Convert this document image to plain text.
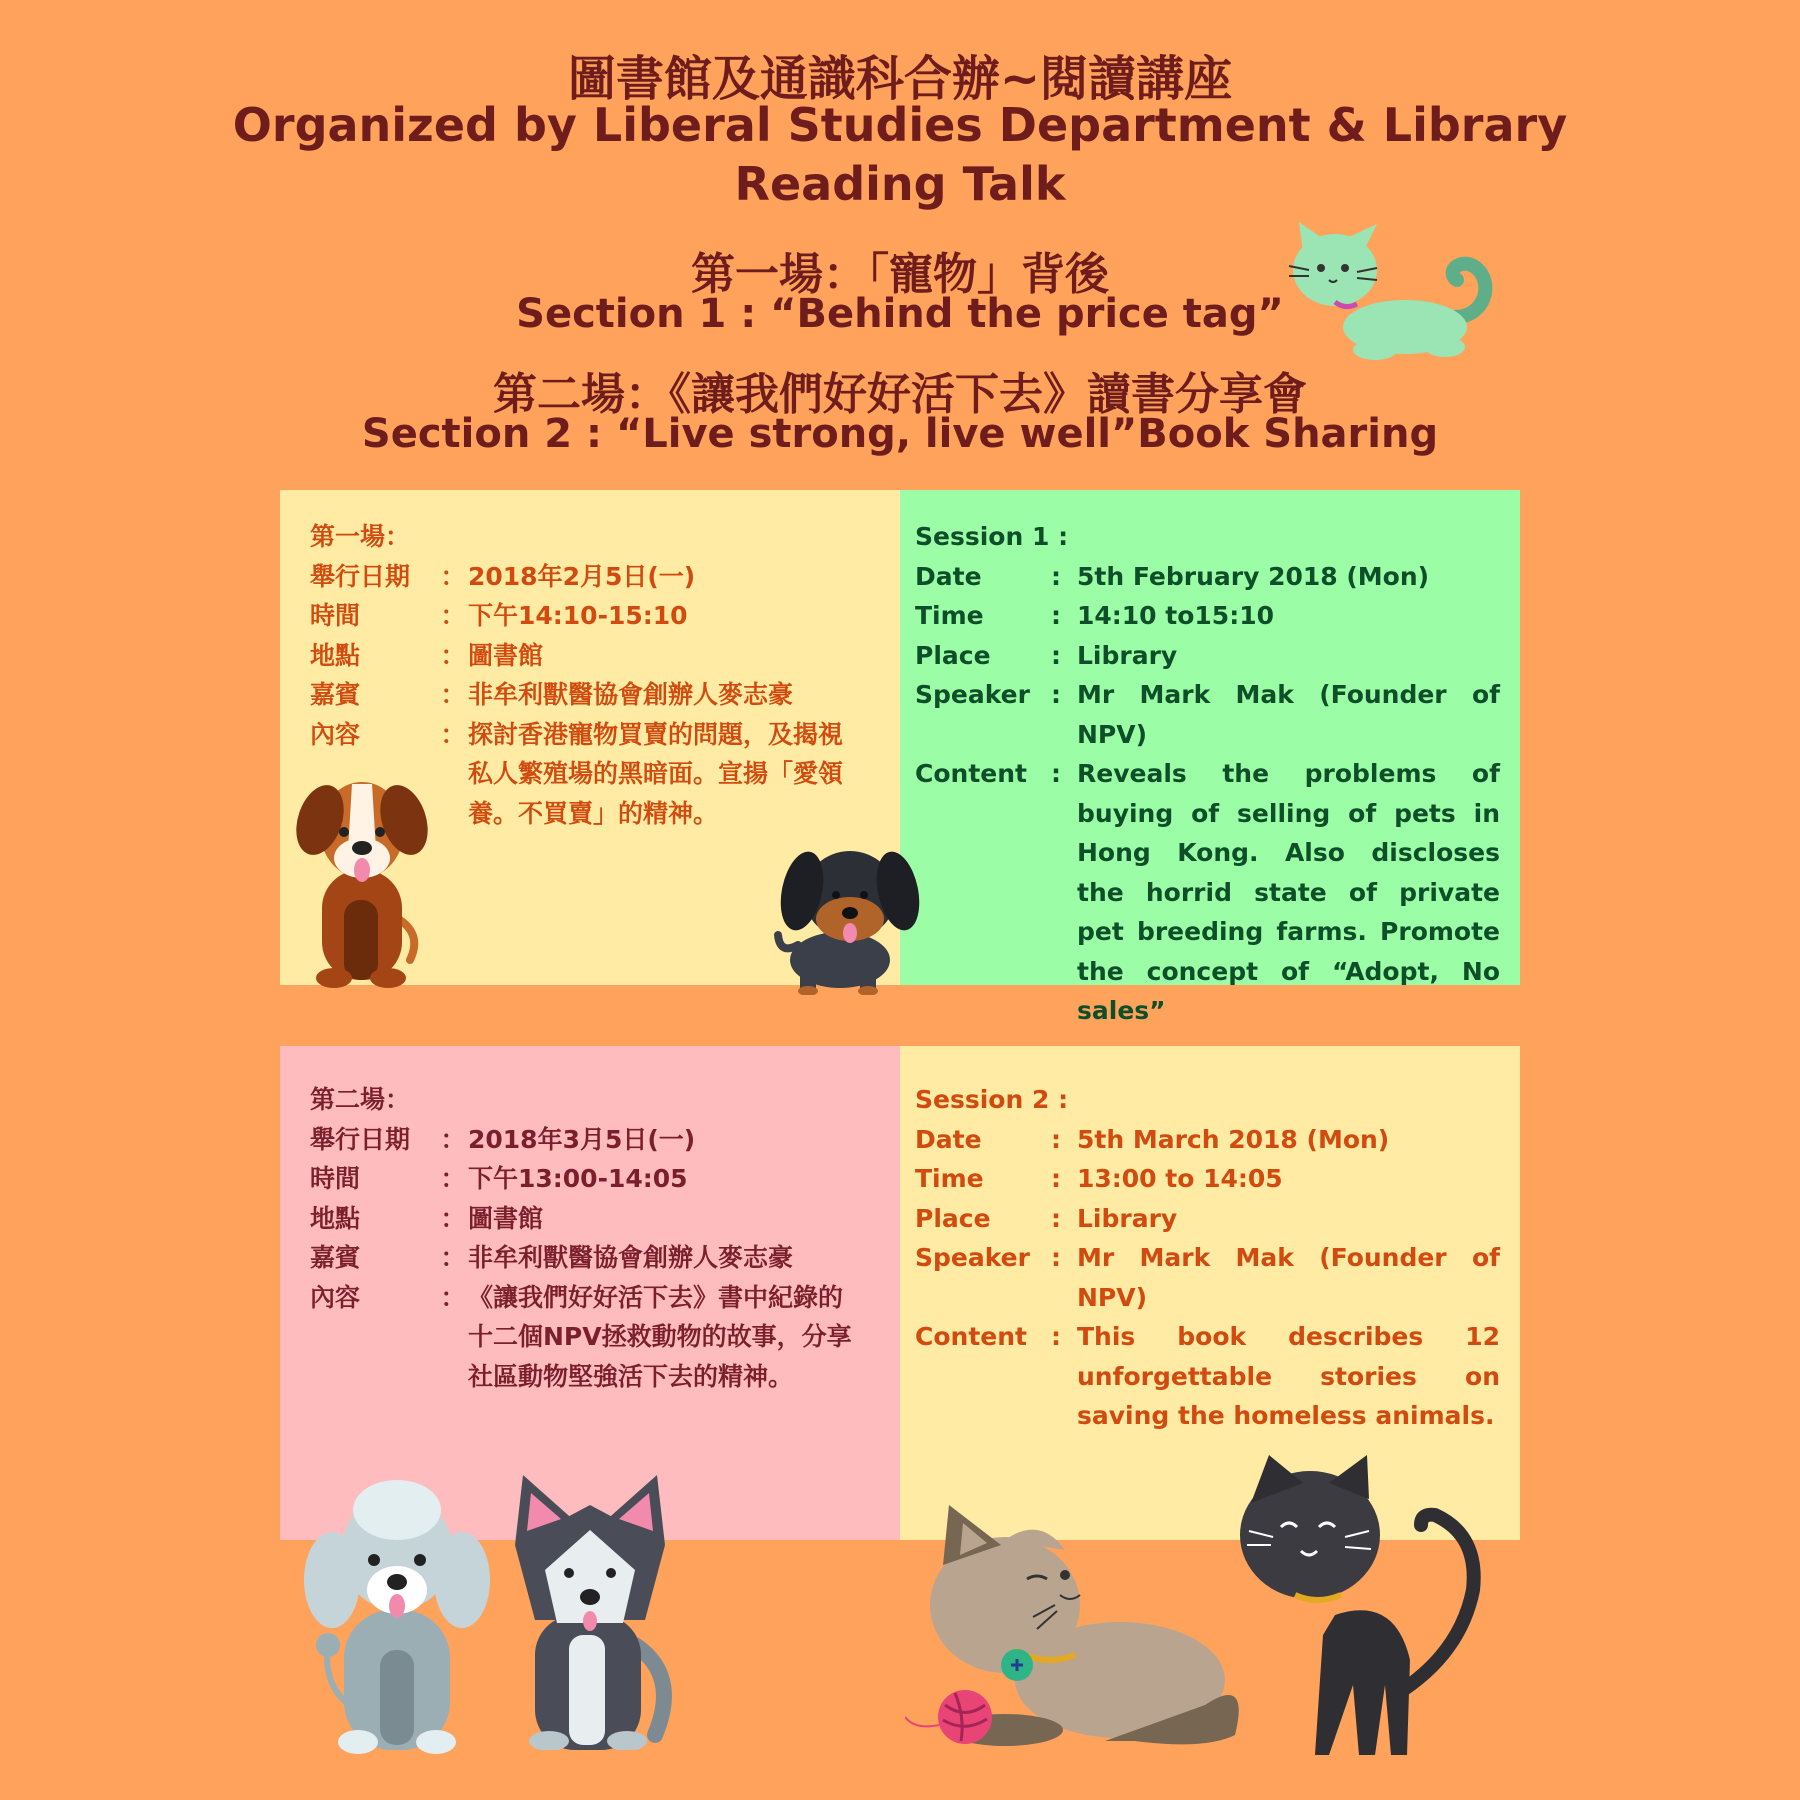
圖書館及通識科合辦~閱讀講座
Organized by Liberal Studies Department & Library
Reading Talk
第一場：「寵物」背後
Section 1 : “Behind the price tag”
第二場：《讓我們好好活下去》讀書分享會
Section 2 : “Live strong, live well”Book Sharing
第一場：
舉行日期	： 2018年2月5日(一)
時間	： 下午14:10-15:10
地點	： 圖書館
嘉賓	： 非牟利獸醫協會創辦人麥志豪
內容	： 探討香港寵物買賣的問題，及揭視私人繁殖場的黑暗面。宣揚「愛領養。不買賣」的精神。
Session 1 :
Date	: 5th February 2018 (Mon)
Time	: 14:10 to15:10
Place	: Library
Speaker : Mr Mark Mak (Founder of NPV)
Content : Reveals the problems of buying of selling of pets in Hong Kong. Also discloses the horrid state of private pet breeding farms. Promote the concept of “Adopt, No sales”
第二場：
舉行日期	： 2018年3月5日(一)
時間	： 下午13:00-14:05
地點	： 圖書館
嘉賓	： 非牟利獸醫協會創辦人麥志豪
內容	： 《讓我們好好活下去》書中紀錄的十二個NPV拯救動物的故事，分享社區動物堅強活下去的精神。
Session 2 :
Date	: 5th March 2018 (Mon)
Time	: 13:00 to 14:05
Place	: Library
Speaker : Mr Mark Mak (Founder of NPV)
Content : This book describes 12 unforgettable stories on saving the homeless animals.
